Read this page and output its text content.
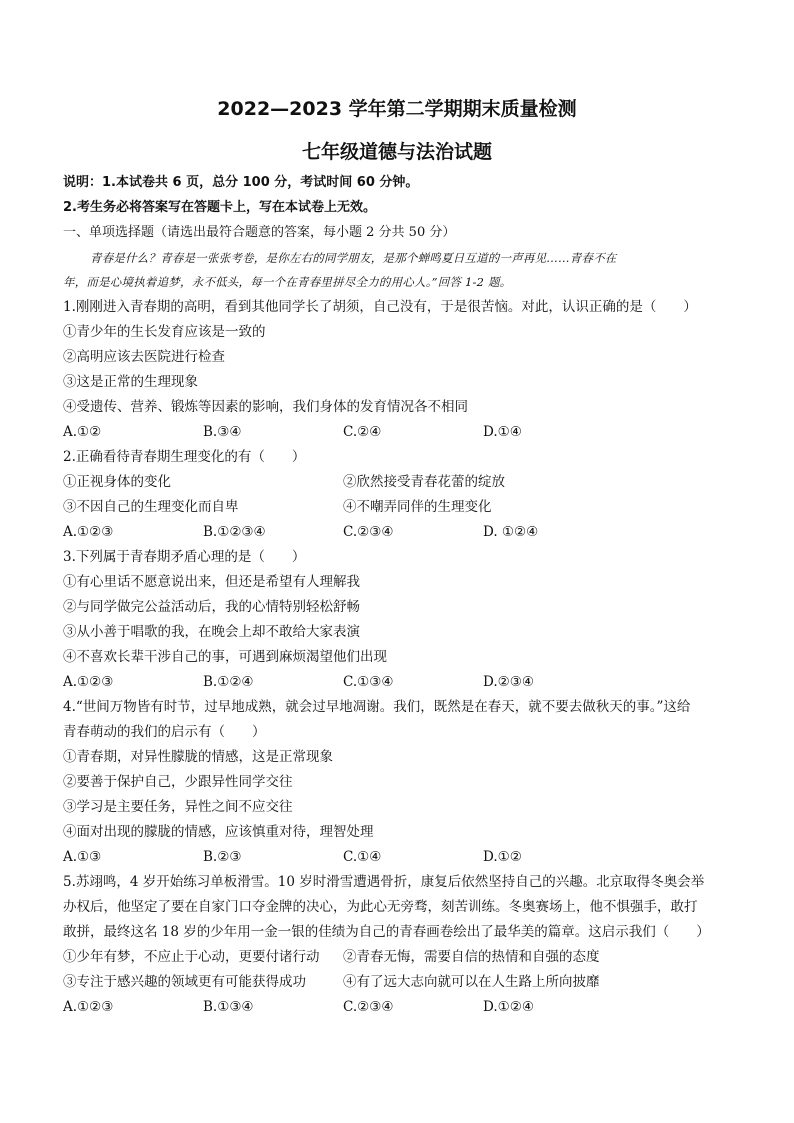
2022—2023 学年第二学期期末质量检测
七年级道德与法治试题
说明：1.本试卷共 6 页，总分 100 分，考试时间 60 分钟。
2.考生务必将答案写在答题卡上，写在本试卷上无效。
一、单项选择题（请选出最符合题意的答案，每小题 2 分共 50 分）
青春是什么？青春是一张张考卷，是你左右的同学朋友，是那个蝉鸣夏日互道的一声再见……青春不在
年，而是心境执着追梦，永不低头，每一个在青春里拼尽全力的用心人。”回答 1-2 题。
1.刚刚进入青春期的高明，看到其他同学长了胡须，自己没有，于是很苦恼。对此，认识正确的是（　　）
①青少年的生长发育应该是一致的
②高明应该去医院进行检查
③这是正常的生理现象
④受遗传、营养、锻炼等因素的影响，我们身体的发育情况各不相同
A.①②	B.③④	C.②④	D.①④
2.正确看待青春期生理变化的有（　　）
①正视身体的变化	②欣然接受青春花蕾的绽放
③不因自己的生理变化而自卑	④不嘲弄同伴的生理变化
A.①②③	B.①②③④	C.②③④	D. ①②④
3.下列属于青春期矛盾心理的是（　　）
①有心里话不愿意说出来，但还是希望有人理解我
②与同学做完公益活动后，我的心情特别轻松舒畅
③从小善于唱歌的我，在晚会上却不敢给大家表演
④不喜欢长辈干涉自己的事，可遇到麻烦渴望他们出现
A.①②③	B.①②④	C.①③④	D.②③④
4.“世间万物皆有时节，过早地成熟，就会过早地凋谢。我们，既然是在春天，就不要去做秋天的事。”这给
青春萌动的我们的启示有（　　）
①青春期，对异性朦胧的情感，这是正常现象
②要善于保护自己，少跟异性同学交往
③学习是主要任务，异性之间不应交往
④面对出现的朦胧的情感，应该慎重对待，理智处理
A.①③	B.②③	C.①④	D.①②
5.苏翊鸣，4 岁开始练习单板滑雪。10 岁时滑雪遭遇骨折，康复后依然坚持自己的兴趣。北京取得冬奥会举
办权后，他坚定了要在自家门口夺金牌的决心，为此心无旁骛，刻苦训练。冬奥赛场上，他不惧强手，敢打
敢拼，最终这名 18 岁的少年用一金一银的佳绩为自己的青春画卷绘出了最华美的篇章。这启示我们（　　）
①少年有梦，不应止于心动，更要付诸行动 ②青春无悔，需要自信的热情和自强的态度
③专注于感兴趣的领域更有可能获得成功	④有了远大志向就可以在人生路上所向披靡
A.①②③	B.①③④	C.②③④	D.①②④
